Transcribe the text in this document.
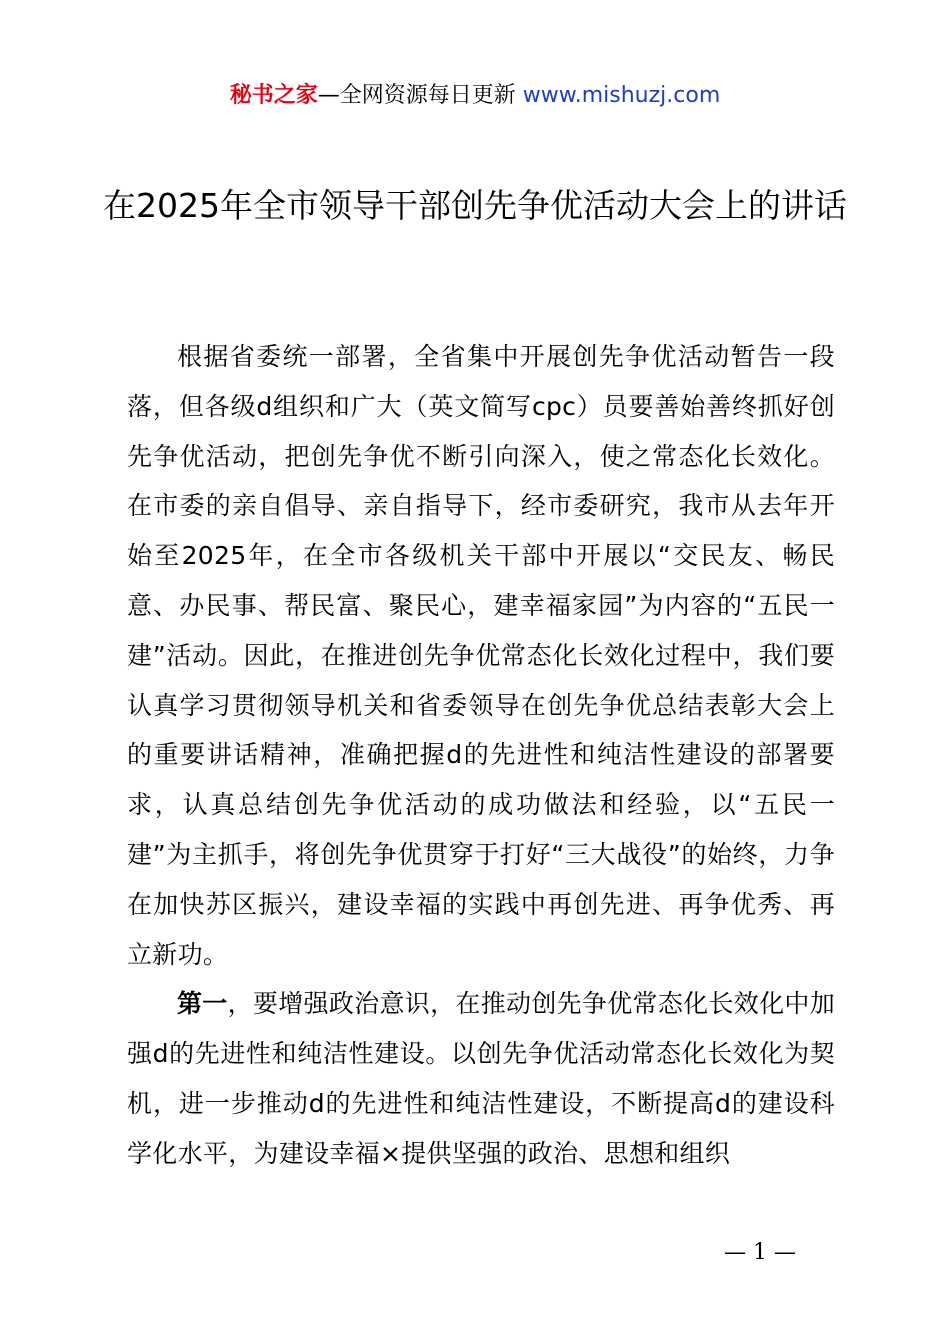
秘书之家—全网资源每日更新 www.mishuzj.com
在2025年全市领导干部创先争优活动大会上的讲话

根据省委统一部署，全省集中开展创先争优活动暂告一段落，但各级d组织和广大（英文简写cpc）员要善始善终抓好创先争优活动，把创先争优不断引向深入，使之常态化长效化。在市委的亲自倡导、亲自指导下，经市委研究，我市从去年开始至2025年，在全市各级机关干部中开展以“交民友、畅民意、办民事、帮民富、聚民心，建幸福家园”为内容的“五民一建”活动。因此，在推进创先争优常态化长效化过程中，我们要认真学习贯彻领导机关和省委领导在创先争优总结表彰大会上的重要讲话精神，准确把握d的先进性和纯洁性建设的部署要求，认真总结创先争优活动的成功做法和经验，以“五民一建”为主抓手，将创先争优贯穿于打好“三大战役”的始终，力争在加快苏区振兴，建设幸福的实践中再创先进、再争优秀、再立新功。

第一，要增强政治意识，在推动创先争优常态化长效化中加强d的先进性和纯洁性建设。以创先争优活动常态化长效化为契机，进一步推动d的先进性和纯洁性建设，不断提高d的建设科学化水平，为建设幸福×提供坚强的政治、思想和组织

— 1 —
